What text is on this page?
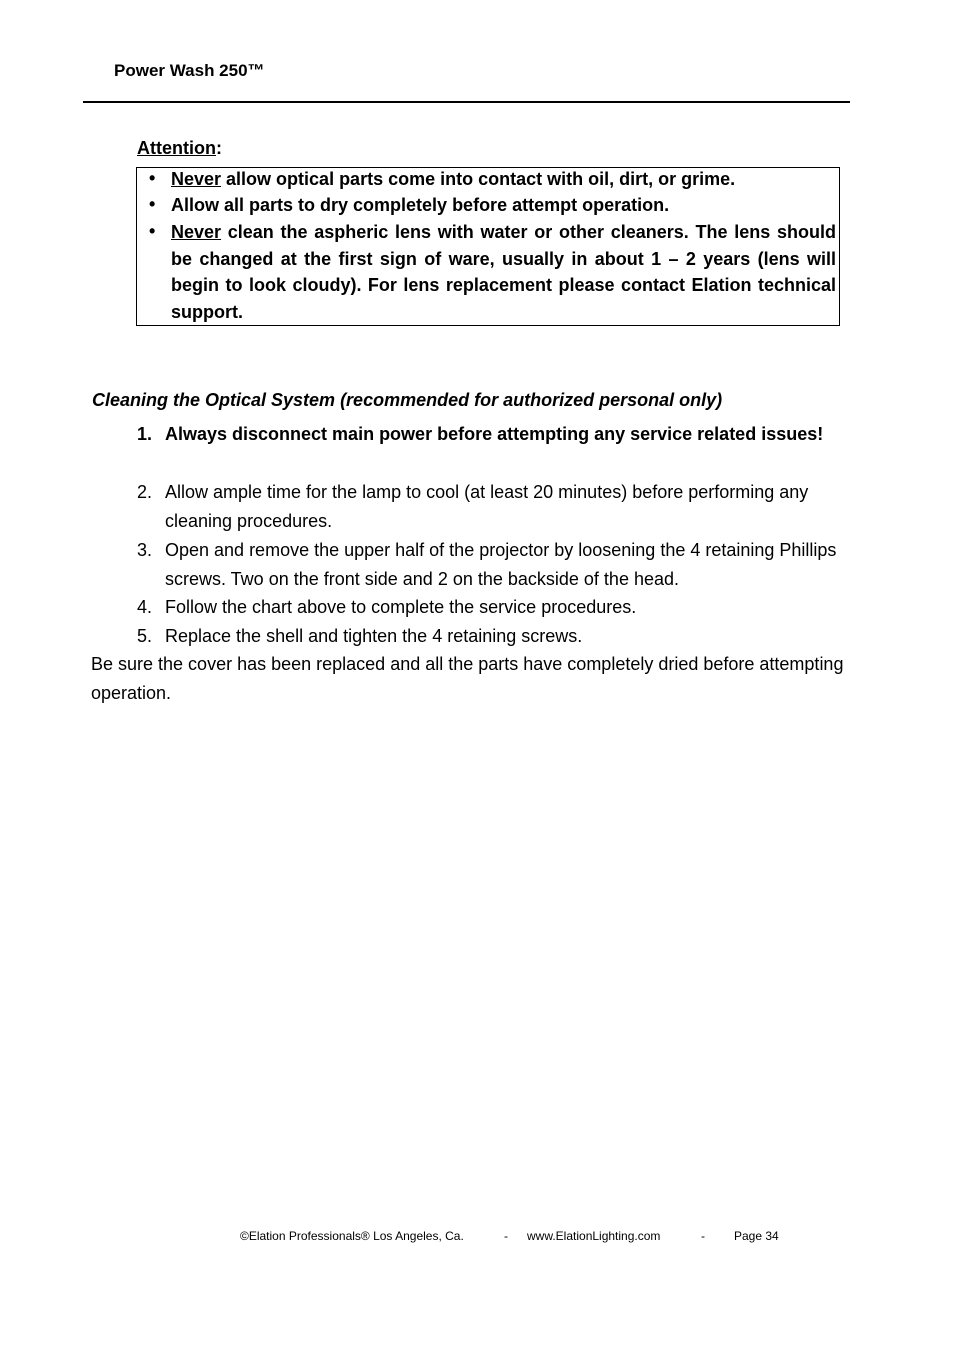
Power Wash 250™
Attention:
• Never allow optical parts come into contact with oil, dirt, or grime.
• Allow all parts to dry completely before attempt operation.
• Never clean the aspheric lens with water or other cleaners. The lens should be changed at the first sign of ware, usually in about 1 – 2 years (lens will begin to look cloudy). For lens replacement please contact Elation technical support.
Cleaning the Optical System (recommended for authorized personal only)
1. Always disconnect main power before attempting any service related issues!
2. Allow ample time for the lamp to cool (at least 20 minutes) before performing any cleaning procedures.
3. Open and remove the upper half of the projector by loosening the 4 retaining Phillips screws. Two on the front side and 2 on the backside of the head.
4. Follow the chart above to complete the service procedures.
5. Replace the shell and tighten the 4 retaining screws.
Be sure the cover has been replaced and all the parts have completely dried before attempting operation.
©Elation Professionals® Los Angeles, Ca.	- www.ElationLighting.com	- Page 34
